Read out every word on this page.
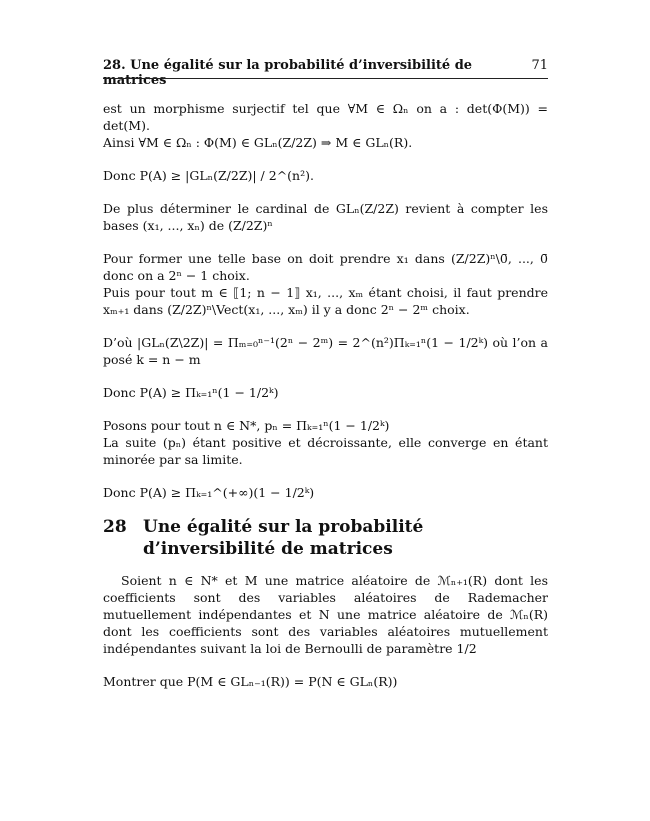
28. Une égalité sur la probabilité d’inversibilité de matrices
71

est un morphisme surjectif tel que ∀M ∈ Ωₙ on a : det(Φ(M)) = det(M).
Ainsi ∀M ∈ Ωₙ : Φ(M) ∈ GLₙ(Z/2Z) ⇒ M ∈ GLₙ(R).

Donc P(A) ≥ |GLₙ(Z/2Z)| / 2^(n²).

De plus déterminer le cardinal de GLₙ(Z/2Z) revient à compter les bases (x₁, ..., xₙ) de (Z/2Z)ⁿ

Pour former une telle base on doit prendre x₁ dans (Z/2Z)ⁿ\0̄, ..., 0̄ donc on a 2ⁿ − 1 choix.
Puis pour tout m ∈ ⟦1; n − 1⟧ x₁, ..., xₘ étant choisi, il faut prendre xₘ₊₁ dans (Z/2Z)ⁿ\Vect(x₁, ..., xₘ) il y a donc 2ⁿ − 2ᵐ choix.

D’où |GLₙ(Z\2Z)| = Πₘ₌₀ⁿ⁻¹(2ⁿ − 2ᵐ) = 2^(n²)Πₖ₌₁ⁿ(1 − 1/2ᵏ) où l’on a posé k = n − m

Donc P(A) ≥ Πₖ₌₁ⁿ(1 − 1/2ᵏ)

Posons pour tout n ∈ N*, pₙ = Πₖ₌₁ⁿ(1 − 1/2ᵏ)
La suite (pₙ) étant positive et décroissante, elle converge en étant minorée par sa limite.

Donc P(A) ≥ Πₖ₌₁^(+∞)(1 − 1/2ᵏ)

28 Une égalité sur la probabilité d’inversibilité de matrices

Soient n ∈ N* et M une matrice aléatoire de ℳₙ₊₁(R) dont les coefficients sont des variables aléatoires de Rademacher mutuellement indépendantes et N une matrice aléatoire de ℳₙ(R) dont les coefficients sont des variables aléatoires mutuellement indépendantes suivant la loi de Bernoulli de paramètre 1/2

Montrer que P(M ∈ GLₙ₋₁(R)) = P(N ∈ GLₙ(R))
